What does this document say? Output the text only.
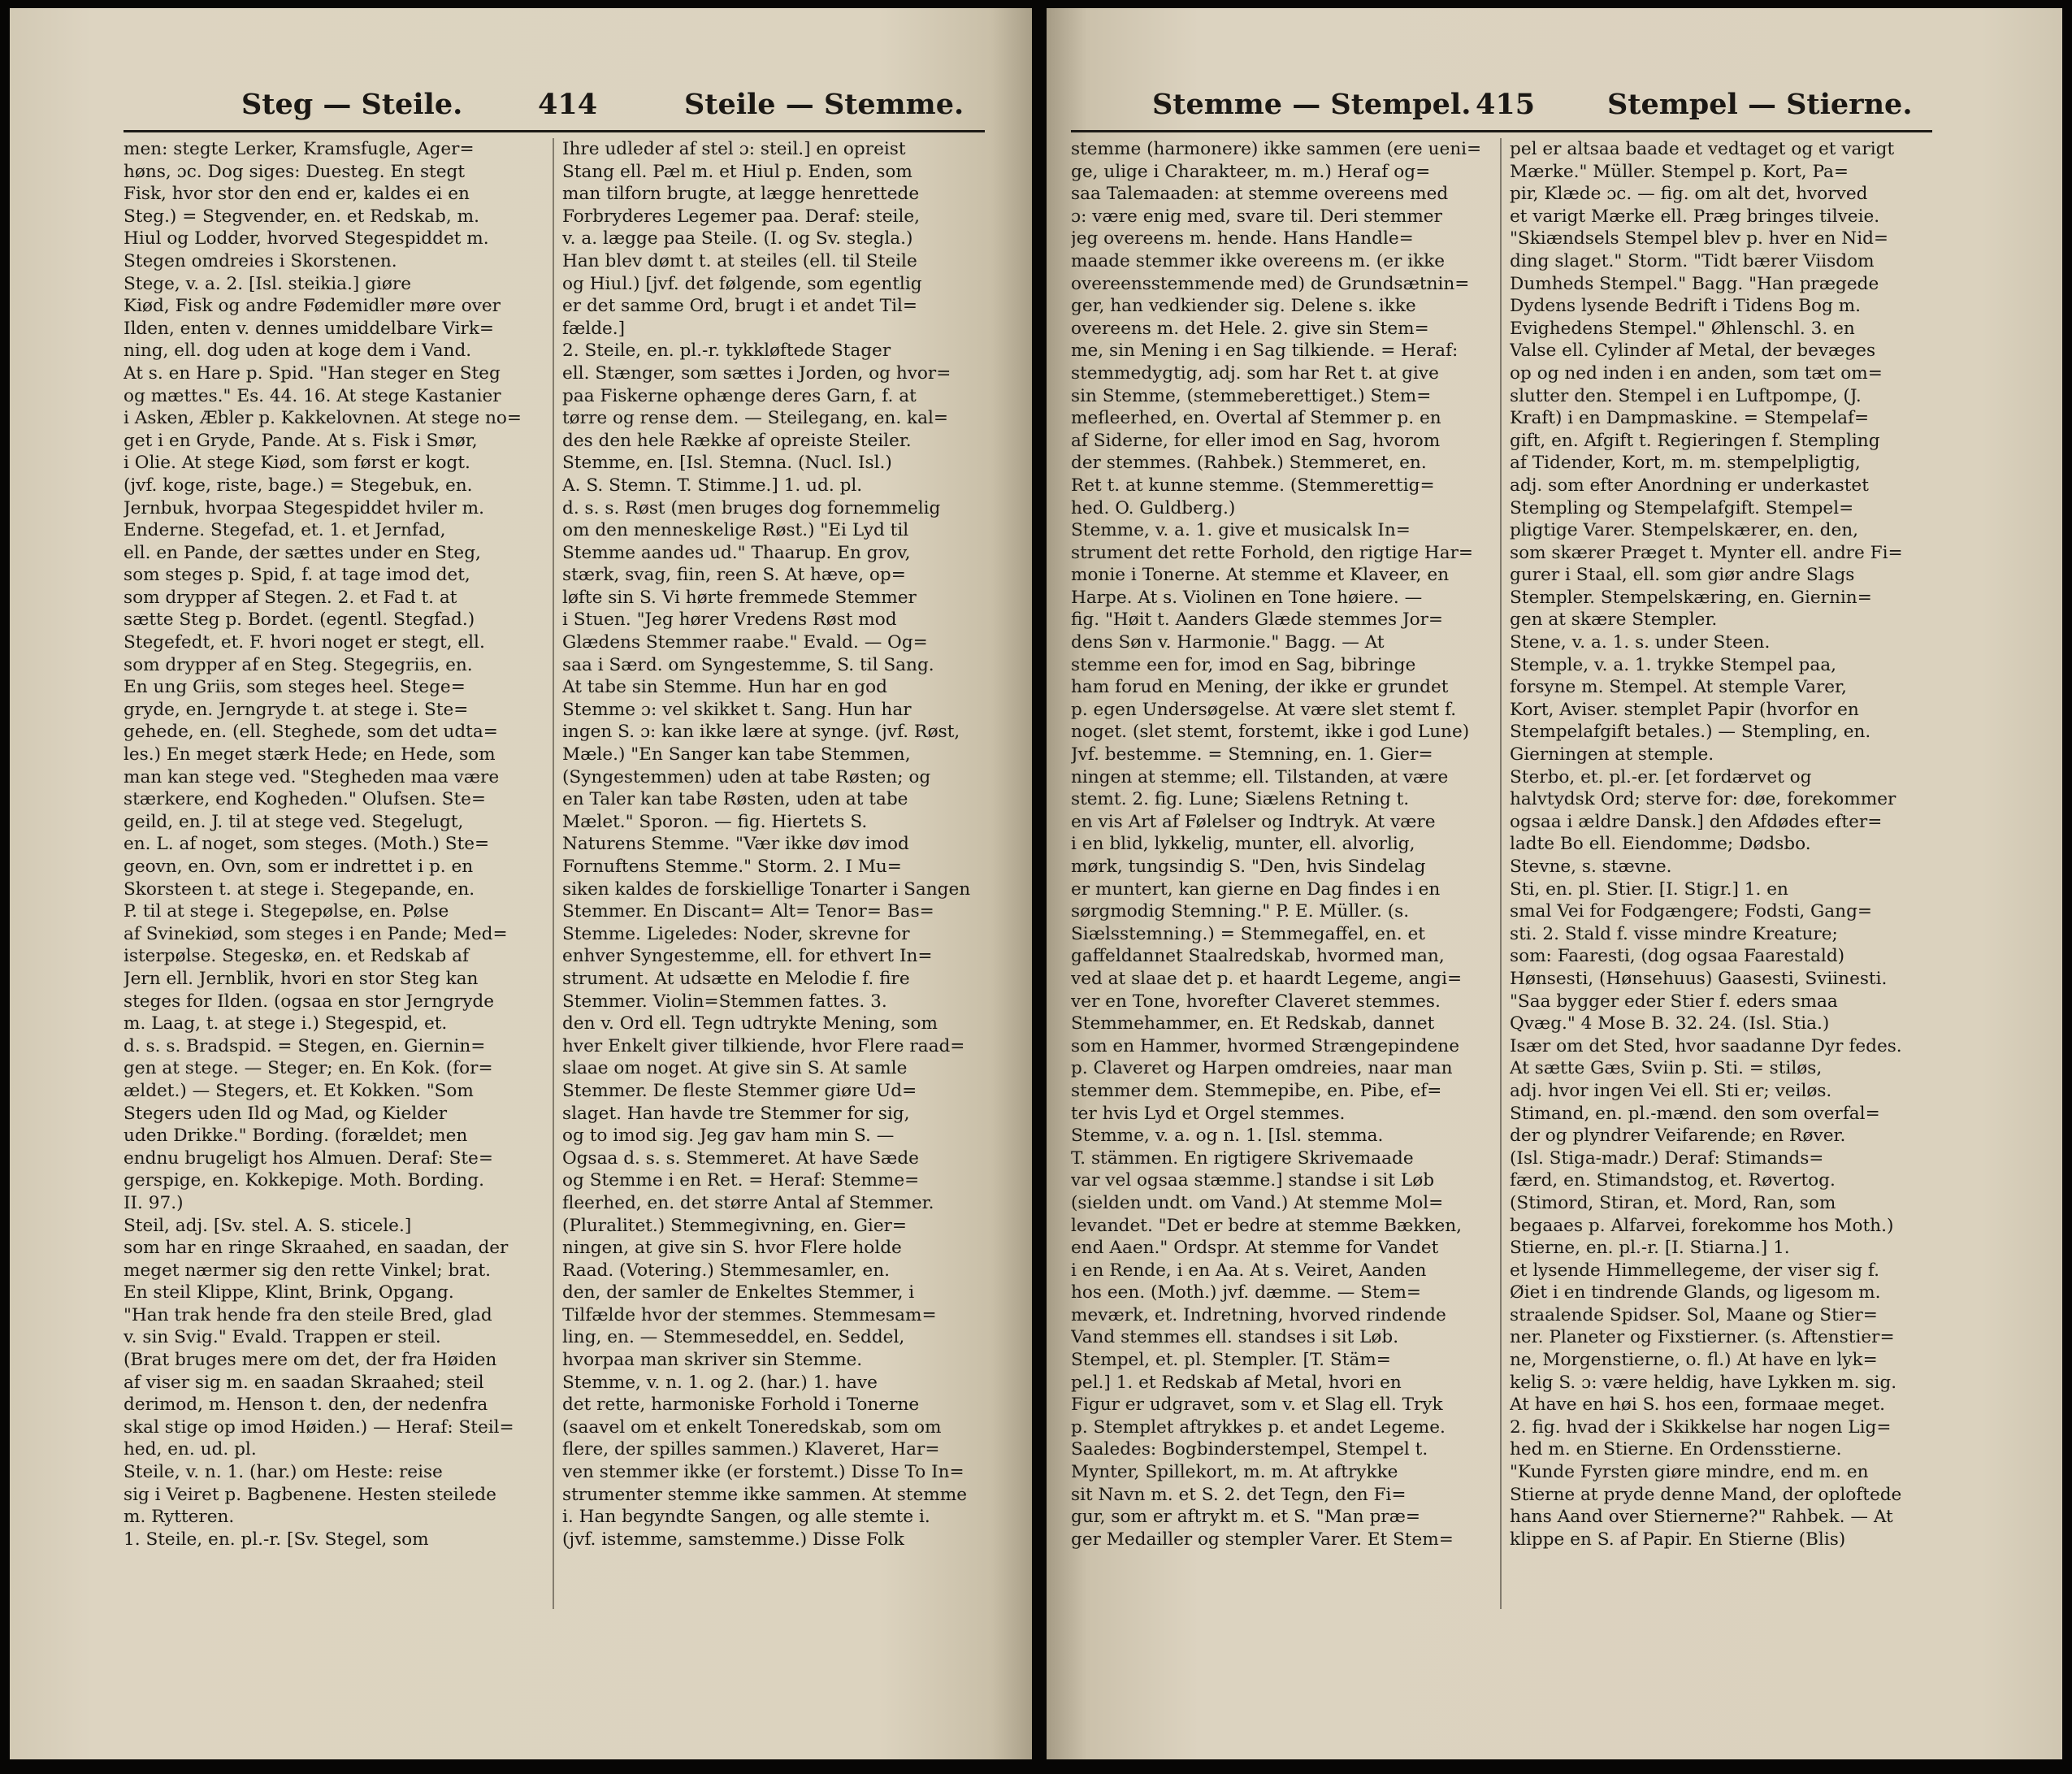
Steg — Steile.	414	Steile — Stemme.
men: stegte Lerker, Kramsfugle, Ager=
høns, ɔc. Dog siges: Duesteg. En stegt
Fisk, hvor stor den end er, kaldes ei en
Steg.) = Stegvender, en. et Redskab, m.
Hiul og Lodder, hvorved Stegespiddet m.
Stegen omdreies i Skorstenen.
Stege, v. a. 2. [Isl. steikia.] giøre
Kiød, Fisk og andre Fødemidler møre over
Ilden, enten v. dennes umiddelbare Virk=
ning, ell. dog uden at koge dem i Vand.
At s. en Hare p. Spid. "Han steger en Steg
og mættes." Es. 44. 16. At stege Kastanier
i Asken, Æbler p. Kakkelovnen. At stege no=
get i en Gryde, Pande. At s. Fisk i Smør,
i Olie. At stege Kiød, som først er kogt.
(jvf. koge, riste, bage.) = Stegebuk, en.
Jernbuk, hvorpaa Stegespiddet hviler m.
Enderne. Stegefad, et. 1. et Jernfad,
ell. en Pande, der sættes under en Steg,
som steges p. Spid, f. at tage imod det,
som drypper af Stegen. 2. et Fad t. at
sætte Steg p. Bordet. (egentl. Stegfad.)
Stegefedt, et. F. hvori noget er stegt, ell.
som drypper af en Steg. Stegegriis, en.
En ung Griis, som steges heel. Stege=
gryde, en. Jerngryde t. at stege i. Ste=
gehede, en. (ell. Steghede, som det udta=
les.) En meget stærk Hede; en Hede, som
man kan stege ved. "Stegheden maa være
stærkere, end Kogheden." Olufsen. Ste=
geild, en. J. til at stege ved. Stegelugt,
en. L. af noget, som steges. (Moth.) Ste=
geovn, en. Ovn, som er indrettet i p. en
Skorsteen t. at stege i. Stegepande, en.
P. til at stege i. Stegepølse, en. Pølse
af Svinekiød, som steges i en Pande; Med=
isterpølse. Stegeskø, en. et Redskab af
Jern ell. Jernblik, hvori en stor Steg kan
steges for Ilden. (ogsaa en stor Jerngryde
m. Laag, t. at stege i.) Stegespid, et.
d. s. s. Bradspid. = Stegen, en. Giernin=
gen at stege. — Steger; en. En Kok. (for=
ældet.) — Stegers, et. Et Kokken. "Som
Stegers uden Ild og Mad, og Kielder
uden Drikke." Bording. (forældet; men
endnu brugeligt hos Almuen. Deraf: Ste=
gerspige, en. Kokkepige. Moth. Bording.
II. 97.)
Steil, adj. [Sv. stel. A. S. sticele.]
som har en ringe Skraahed, en saadan, der
meget nærmer sig den rette Vinkel; brat.
En steil Klippe, Klint, Brink, Opgang.
"Han trak hende fra den steile Bred, glad
v. sin Svig." Evald. Trappen er steil.
(Brat bruges mere om det, der fra Høiden
af viser sig m. en saadan Skraahed; steil
derimod, m. Henson t. den, der nedenfra
skal stige op imod Høiden.) — Heraf: Steil=
hed, en. ud. pl.
Steile, v. n. 1. (har.) om Heste: reise
sig i Veiret p. Bagbenene. Hesten steilede
m. Rytteren.
1. Steile, en. pl.-r. [Sv. Stegel, som
Ihre udleder af stel ɔ: steil.] en opreist
Stang ell. Pæl m. et Hiul p. Enden, som
man tilforn brugte, at lægge henrettede
Forbryderes Legemer paa. Deraf: steile,
v. a. lægge paa Steile. (I. og Sv. stegla.)
Han blev dømt t. at steiles (ell. til Steile
og Hiul.) [jvf. det følgende, som egentlig
er det samme Ord, brugt i et andet Til=
fælde.]
2. Steile, en. pl.-r. tykkløftede Stager
ell. Stænger, som sættes i Jorden, og hvor=
paa Fiskerne ophænge deres Garn, f. at
tørre og rense dem. — Steilegang, en. kal=
des den hele Række af opreiste Steiler.
Stemme, en. [Isl. Stemna. (Nucl. Isl.)
A. S. Stemn. T. Stimme.] 1. ud. pl.
d. s. s. Røst (men bruges dog fornemmelig
om den menneskelige Røst.) "Ei Lyd til
Stemme aandes ud." Thaarup. En grov,
stærk, svag, fiin, reen S. At hæve, op=
løfte sin S. Vi hørte fremmede Stemmer
i Stuen. "Jeg hører Vredens Røst mod
Glædens Stemmer raabe." Evald. — Og=
saa i Særd. om Syngestemme, S. til Sang.
At tabe sin Stemme. Hun har en god
Stemme ɔ: vel skikket t. Sang. Hun har
ingen S. ɔ: kan ikke lære at synge. (jvf. Røst,
Mæle.) "En Sanger kan tabe Stemmen,
(Syngestemmen) uden at tabe Røsten; og
en Taler kan tabe Røsten, uden at tabe
Mælet." Sporon. — fig. Hiertets S.
Naturens Stemme. "Vær ikke døv imod
Fornuftens Stemme." Storm. 2. I Mu=
siken kaldes de forskiellige Tonarter i Sangen
Stemmer. En Discant= Alt= Tenor= Bas=
Stemme. Ligeledes: Noder, skrevne for
enhver Syngestemme, ell. for ethvert In=
strument. At udsætte en Melodie f. fire
Stemmer. Violin=Stemmen fattes. 3.
den v. Ord ell. Tegn udtrykte Mening, som
hver Enkelt giver tilkiende, hvor Flere raad=
slaae om noget. At give sin S. At samle
Stemmer. De fleste Stemmer giøre Ud=
slaget. Han havde tre Stemmer for sig,
og to imod sig. Jeg gav ham min S. —
Ogsaa d. s. s. Stemmeret. At have Sæde
og Stemme i en Ret. = Heraf: Stemme=
fleerhed, en. det større Antal af Stemmer.
(Pluralitet.) Stemmegivning, en. Gier=
ningen, at give sin S. hvor Flere holde
Raad. (Votering.) Stemmesamler, en.
den, der samler de Enkeltes Stemmer, i
Tilfælde hvor der stemmes. Stemmesam=
ling, en. — Stemmeseddel, en. Seddel,
hvorpaa man skriver sin Stemme.
Stemme, v. n. 1. og 2. (har.) 1. have
det rette, harmoniske Forhold i Tonerne
(saavel om et enkelt Toneredskab, som om
flere, der spilles sammen.) Klaveret, Har=
ven stemmer ikke (er forstemt.) Disse To In=
strumenter stemme ikke sammen. At stemme
i. Han begyndte Sangen, og alle stemte i.
(jvf. istemme, samstemme.) Disse Folk
Stemme — Stempel. 415	Stempel — Stierne.
stemme (harmonere) ikke sammen (ere ueni=
ge, ulige i Charakteer, m. m.) Heraf og=
saa Talemaaden: at stemme overeens med
ɔ: være enig med, svare til. Deri stemmer
jeg overeens m. hende. Hans Handle=
maade stemmer ikke overeens m. (er ikke
overeensstemmende med) de Grundsætnin=
ger, han vedkiender sig. Delene s. ikke
overeens m. det Hele. 2. give sin Stem=
me, sin Mening i en Sag tilkiende. = Heraf:
stemmedygtig, adj. som har Ret t. at give
sin Stemme, (stemmeberettiget.) Stem=
mefleerhed, en. Overtal af Stemmer p. en
af Siderne, for eller imod en Sag, hvorom
der stemmes. (Rahbek.) Stemmeret, en.
Ret t. at kunne stemme. (Stemmerettig=
hed. O. Guldberg.)
Stemme, v. a. 1. give et musicalsk In=
strument det rette Forhold, den rigtige Har=
monie i Tonerne. At stemme et Klaveer, en
Harpe. At s. Violinen en Tone høiere. —
fig. "Høit t. Aanders Glæde stemmes Jor=
dens Søn v. Harmonie." Bagg. — At
stemme een for, imod en Sag, bibringe
ham forud en Mening, der ikke er grundet
p. egen Undersøgelse. At være slet stemt f.
noget. (slet stemt, forstemt, ikke i god Lune)
Jvf. bestemme. = Stemning, en. 1. Gier=
ningen at stemme; ell. Tilstanden, at være
stemt. 2. fig. Lune; Siælens Retning t.
en vis Art af Følelser og Indtryk. At være
i en blid, lykkelig, munter, ell. alvorlig,
mørk, tungsindig S. "Den, hvis Sindelag
er muntert, kan gierne en Dag findes i en
sørgmodig Stemning." P. E. Müller. (s.
Siælsstemning.) = Stemmegaffel, en. et
gaffeldannet Staalredskab, hvormed man,
ved at slaae det p. et haardt Legeme, angi=
ver en Tone, hvorefter Claveret stemmes.
Stemmehammer, en. Et Redskab, dannet
som en Hammer, hvormed Strængepindene
p. Claveret og Harpen omdreies, naar man
stemmer dem. Stemmepibe, en. Pibe, ef=
ter hvis Lyd et Orgel stemmes.
Stemme, v. a. og n. 1. [Isl. stemma.
T. stämmen. En rigtigere Skrivemaade
var vel ogsaa stæmme.] standse i sit Løb
(sielden undt. om Vand.) At stemme Mol=
levandet. "Det er bedre at stemme Bækken,
end Aaen." Ordspr. At stemme for Vandet
i en Rende, i en Aa. At s. Veiret, Aanden
hos een. (Moth.) jvf. dæmme. — Stem=
meværk, et. Indretning, hvorved rindende
Vand stemmes ell. standses i sit Løb.
Stempel, et. pl. Stempler. [T. Stäm=
pel.] 1. et Redskab af Metal, hvori en
Figur er udgravet, som v. et Slag ell. Tryk
p. Stemplet aftrykkes p. et andet Legeme.
Saaledes: Bogbinderstempel, Stempel t.
Mynter, Spillekort, m. m. At aftrykke
sit Navn m. et S. 2. det Tegn, den Fi=
gur, som er aftrykt m. et S. "Man præ=
ger Medailler og stempler Varer. Et Stem=
pel er altsaa baade et vedtaget og et varigt
Mærke." Müller. Stempel p. Kort, Pa=
pir, Klæde ɔc. — fig. om alt det, hvorved
et varigt Mærke ell. Præg bringes tilveie.
"Skiændsels Stempel blev p. hver en Nid=
ding slaget." Storm. "Tidt bærer Viisdom
Dumheds Stempel." Bagg. "Han prægede
Dydens lysende Bedrift i Tidens Bog m.
Evighedens Stempel." Øhlenschl. 3. en
Valse ell. Cylinder af Metal, der bevæges
op og ned inden i en anden, som tæt om=
slutter den. Stempel i en Luftpompe, (J.
Kraft) i en Dampmaskine. = Stempelaf=
gift, en. Afgift t. Regieringen f. Stempling
af Tidender, Kort, m. m. stempelpligtig,
adj. som efter Anordning er underkastet
Stempling og Stempelafgift. Stempel=
pligtige Varer. Stempelskærer, en. den,
som skærer Præget t. Mynter ell. andre Fi=
gurer i Staal, ell. som giør andre Slags
Stempler. Stempelskæring, en. Giernin=
gen at skære Stempler.
Stene, v. a. 1. s. under Steen.
Stemple, v. a. 1. trykke Stempel paa,
forsyne m. Stempel. At stemple Varer,
Kort, Aviser. stemplet Papir (hvorfor en
Stempelafgift betales.) — Stempling, en.
Gierningen at stemple.
Sterbo, et. pl.-er. [et fordærvet og
halvtydsk Ord; sterve for: døe, forekommer
ogsaa i ældre Dansk.] den Afdødes efter=
ladte Bo ell. Eiendomme; Dødsbo.
Stevne, s. stævne.
Sti, en. pl. Stier. [I. Stigr.] 1. en
smal Vei for Fodgængere; Fodsti, Gang=
sti. 2. Stald f. visse mindre Kreature;
som: Faaresti, (dog ogsaa Faarestald)
Hønsesti, (Hønsehuus) Gaasesti, Sviinesti.
"Saa bygger eder Stier f. eders smaa
Qvæg." 4 Mose B. 32. 24. (Isl. Stia.)
Især om det Sted, hvor saadanne Dyr fedes.
At sætte Gæs, Sviin p. Sti. = stiløs,
adj. hvor ingen Vei ell. Sti er; veiløs.
Stimand, en. pl.-mænd. den som overfal=
der og plyndrer Veifarende; en Røver.
(Isl. Stiga-madr.) Deraf: Stimands=
færd, en. Stimandstog, et. Røvertog.
(Stimord, Stiran, et. Mord, Ran, som
begaaes p. Alfarvei, forekomme hos Moth.)
Stierne, en. pl.-r. [I. Stiarna.] 1.
et lysende Himmellegeme, der viser sig f.
Øiet i en tindrende Glands, og ligesom m.
straalende Spidser. Sol, Maane og Stier=
ner. Planeter og Fixstierner. (s. Aftenstier=
ne, Morgenstierne, o. fl.) At have en lyk=
kelig S. ɔ: være heldig, have Lykken m. sig.
At have en høi S. hos een, formaae meget.
2. fig. hvad der i Skikkelse har nogen Lig=
hed m. en Stierne. En Ordensstierne.
"Kunde Fyrsten giøre mindre, end m. en
Stierne at pryde denne Mand, der oploftede
hans Aand over Stiernerne?" Rahbek. — At
klippe en S. af Papir. En Stierne (Blis)
